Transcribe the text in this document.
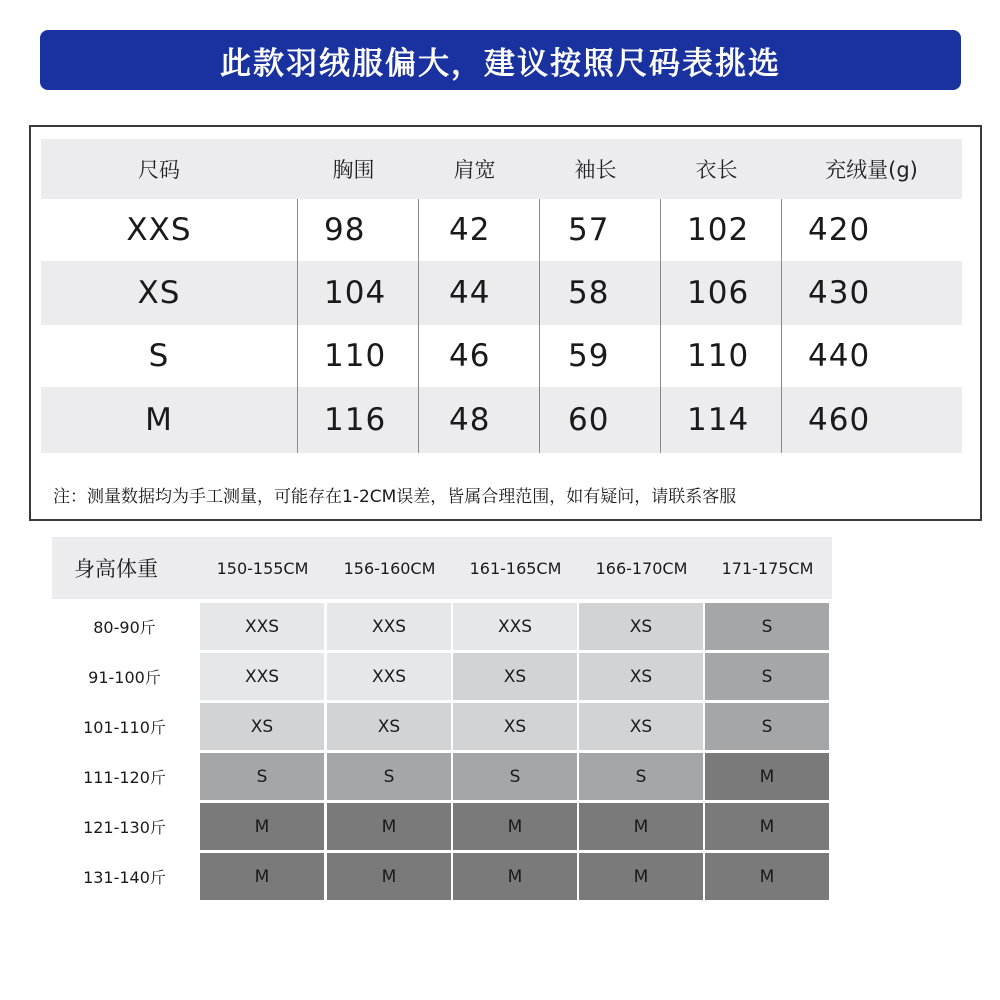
此款羽绒服偏大，建议按照尺码表挑选
尺码	胸围	肩宽	袖长	衣长	充绒量(g)
XXS	98	42	57	102	420
XS	104	44	58	106	430
S	110	46	59	110	440
M	116	48	60	114	460
注：测量数据均为手工测量，可能存在1-2CM误差，皆属合理范围，如有疑问，请联系客服
身高体重	150-155CM	156-160CM	161-165CM	166-170CM	171-175CM
80-90斤	XXS	XXS	XXS	XS	S
91-100斤	XXS	XXS	XS	XS	S
101-110斤	XS	XS	XS	XS	S
111-120斤	S	S	S	S	M
121-130斤	M	M	M	M	M
131-140斤	M	M	M	M	M
